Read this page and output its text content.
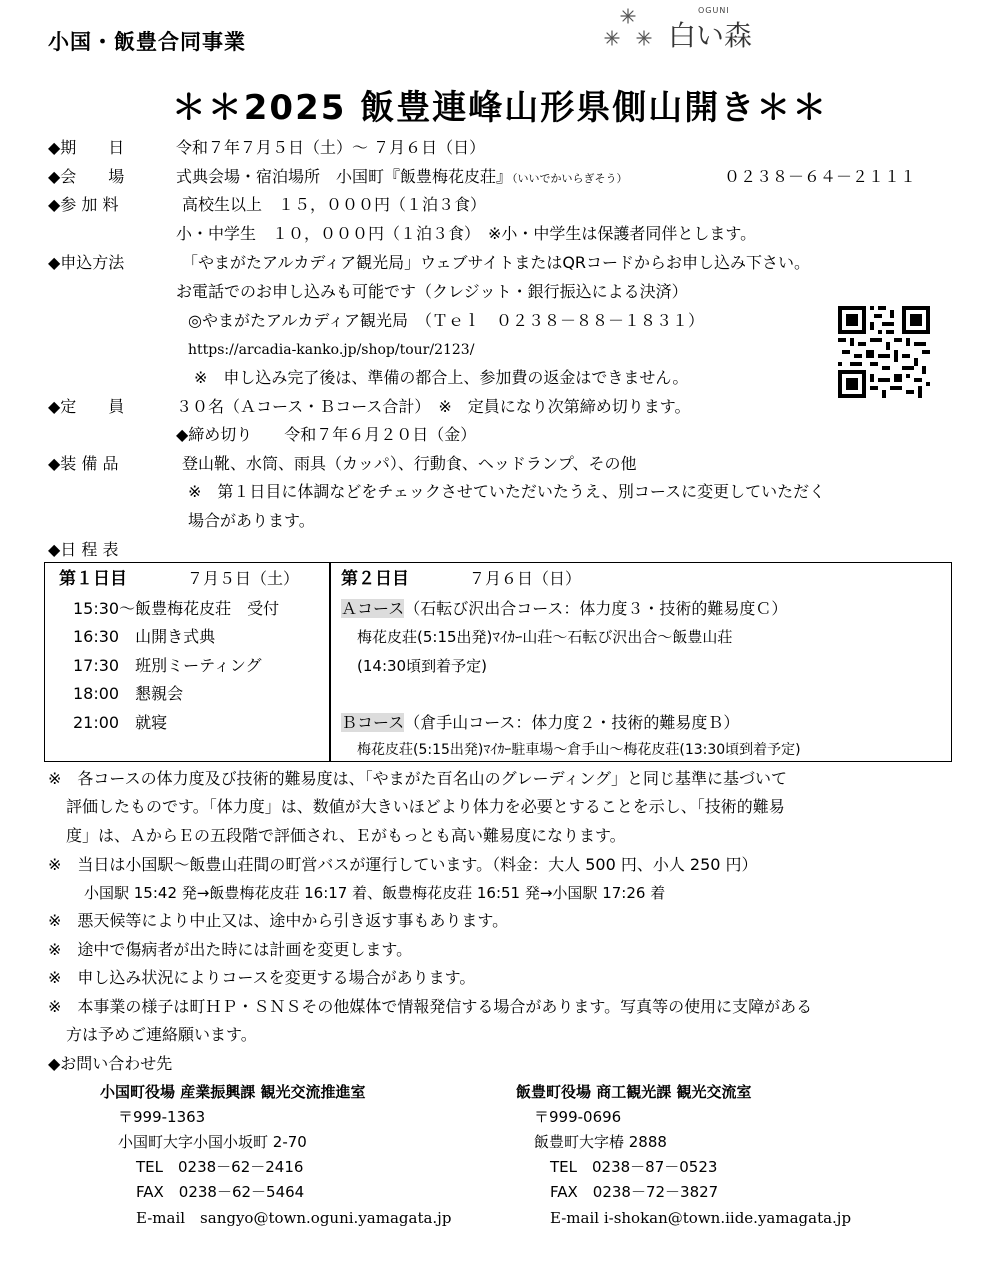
小国・飯豊合同事業
OGUNI
白い森
＊＊2025 飯豊連峰山形県側山開き＊＊
◆期　　日	令和７年７月５日（土）～ ７月６日（日）
◆会　　場	式典会場・宿泊場所　小国町『飯豊梅花皮荘』（いいでかいらぎそう）	０２３８－６４－２１１１
◆参 加 料	高校生以上　１５，０００円（１泊３食）
小・中学生　１０，０００円（１泊３食）　※小・中学生は保護者同伴とします。
◆申込方法	「やまがたアルカディア観光局」ウェブサイトまたはQRコードからお申し込み下さい。
お電話でのお申し込みも可能です（クレジット・銀行振込による決済）
◎やまがたアルカディア観光局　（Ｔｅｌ　０２３８－８８－１８３１）
https://arcadia-kanko.jp/shop/tour/2123/
※　申し込み完了後は、準備の都合上、参加費の返金はできません。
◆定　　員	３０名（Ａコース・Ｂコース合計）　※　定員になり次第締め切ります。
◆締め切り　　令和７年６月２０日（金）
◆装 備 品	登山靴、水筒、雨具（カッパ）、行動食、ヘッドランプ、その他
※　第１日目に体調などをチェックさせていただいたうえ、別コースに変更していただく
場合があります。
◆日 程 表
第１日目	７月５日（土）
15:30～飯豊梅花皮荘　受付
16:30　山開き式典
17:30　班別ミーティング
18:00　懇親会
21:00　就寝
第２日目	７月６日（日）
Ａコース（石転び沢出合コース：体力度３・技術的難易度Ｃ）
梅花皮荘(5:15出発)ﾏｲｶｰ山荘～石転び沢出合～飯豊山荘
(14:30頃到着予定)
Ｂコース（倉手山コース：体力度２・技術的難易度Ｂ）
梅花皮荘(5:15出発)ﾏｲｶｰ駐車場～倉手山～梅花皮荘(13:30頃到着予定)
※　各コースの体力度及び技術的難易度は、「やまがた百名山のグレーディング」と同じ基準に基づいて
評価したものです。「体力度」は、数値が大きいほどより体力を必要とすることを示し、「技術的難易
度」は、ＡからＥの五段階で評価され、Ｅがもっとも高い難易度になります。
※　当日は小国駅～飯豊山荘間の町営バスが運行しています。（料金：大人 500 円、小人 250 円）
小国駅 15:42 発→飯豊梅花皮荘 16:17 着、飯豊梅花皮荘 16:51 発→小国駅 17:26 着
※　悪天候等により中止又は、途中から引き返す事もあります。
※　途中で傷病者が出た時には計画を変更します。
※　申し込み状況によりコースを変更する場合があります。
※　本事業の様子は町ＨＰ・ＳＮＳその他媒体で情報発信する場合があります。写真等の使用に支障がある
方は予めご連絡願います。
◆お問い合わせ先
小国町役場 産業振興課 観光交流推進室
〒999-1363
小国町大字小国小坂町 2-70
TEL　0238－62－2416
FAX　0238－62－5464
E-mail　sangyo@town.oguni.yamagata.jp
飯豊町役場 商工観光課 観光交流室
〒999-0696
飯豊町大字椿 2888
TEL　0238－87－0523
FAX　0238－72－3827
E-mail i-shokan@town.iide.yamagata.jp
